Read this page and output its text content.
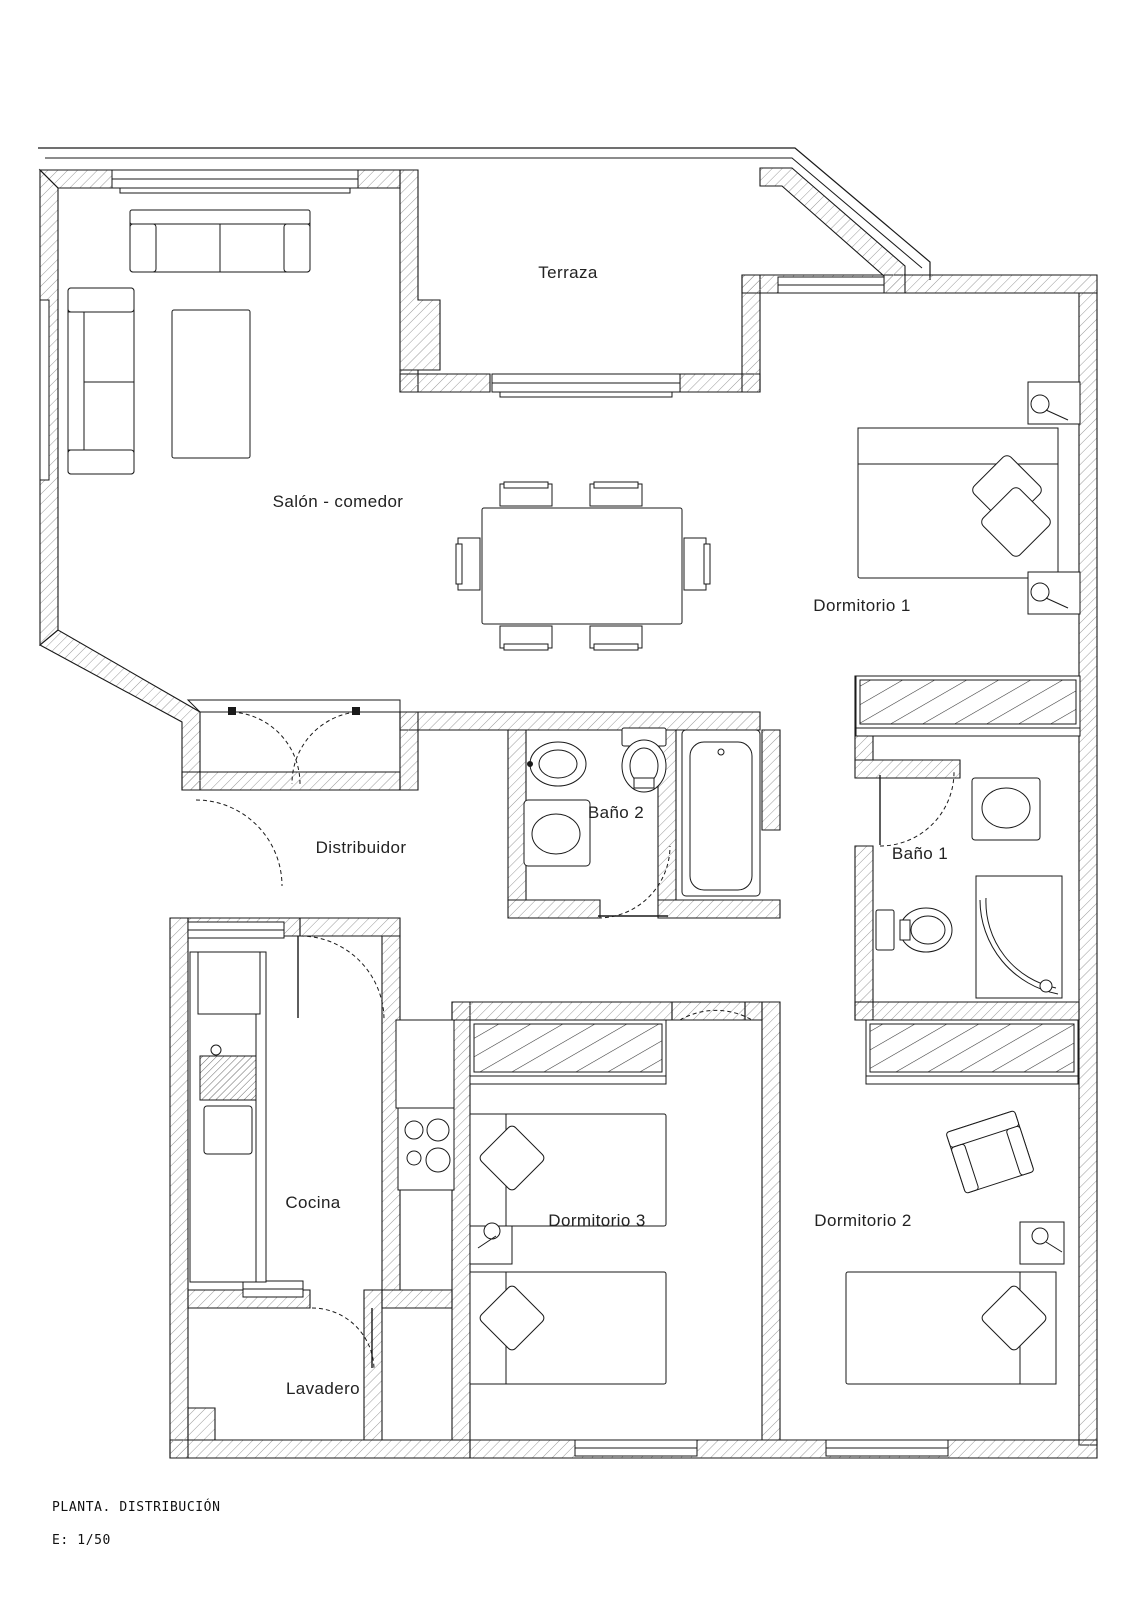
Terraza
Salón - comedor
Dormitorio 1
Baño 2
Baño 1
Distribuidor
Cocina
Dormitorio 3	Dormitorio 2
Lavadero
PLANTA. DISTRIBUCIÓN
E: 1/50
